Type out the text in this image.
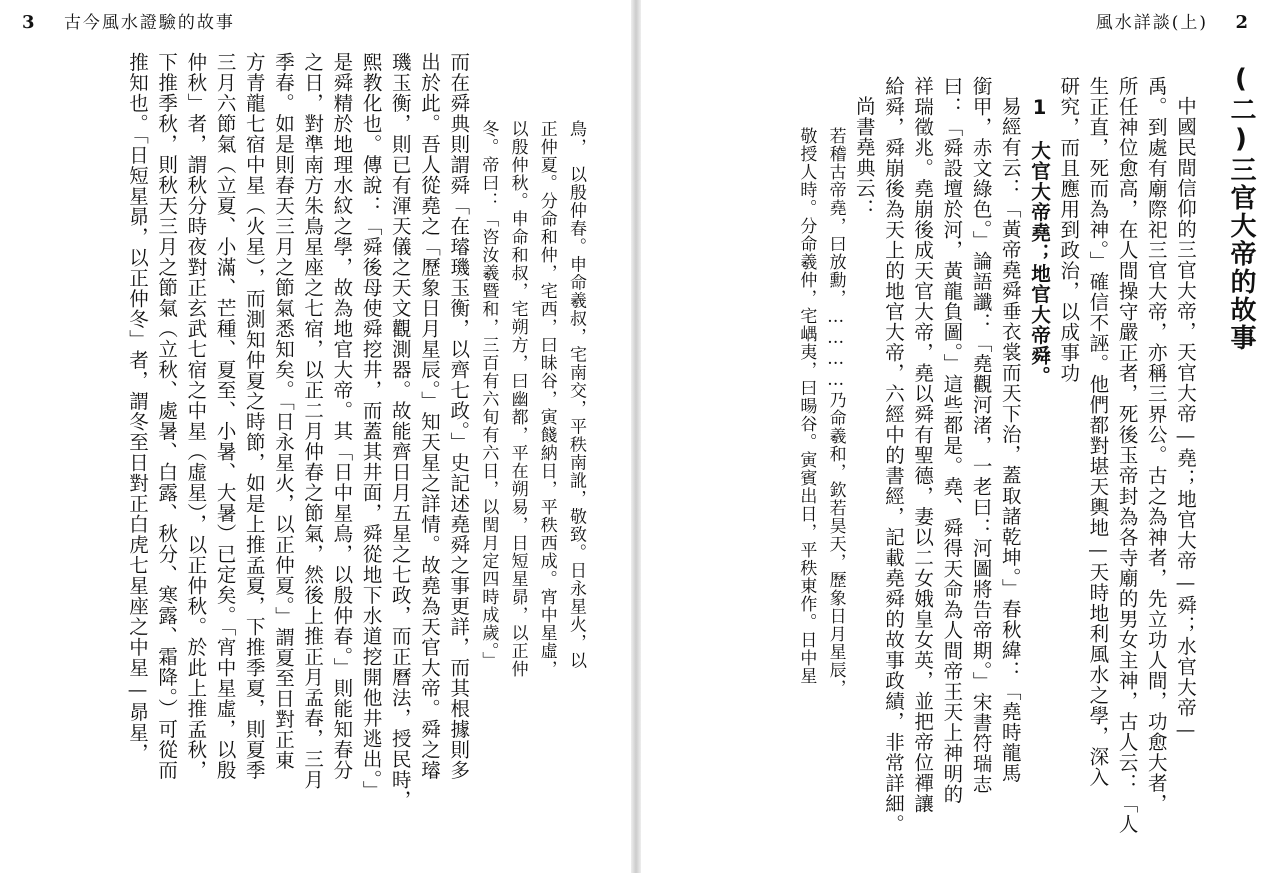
3 古今風水證驗的故事

鳥，　以殷仲春。申命羲叔，宅南交，平秩南訛，敬致。日永星火，以

正仲夏。分命和仲，宅西，曰昧谷，寅餞納日，平秩西成。宵中星虛，

以殷仲秋。申命和叔，宅朔方，曰幽都，平在朔易，日短星昴，以正仲

冬。帝曰：「咨汝羲暨和，三百有六旬有六日，以閏月定四時成歲。」

而在舜典則謂舜「在璿璣玉衡，以齊七政。」史記述堯舜之事更詳，而其根據則多

出於此。吾人從堯之「歷象日月星辰。」知天星之詳情。故堯為天官大帝。舜之璿

璣玉衡，則已有渾天儀之天文觀測器。故能齊日月五星之七政，而正曆法，授民時，

熙教化也。傳說：「舜後母使舜挖井，而蓋其井面，舜從地下水道挖開他井逃出。」

是舜精於地理水紋之學，故為地官大帝。其「日中星鳥，以殷仲春。」則能知春分

之日，對準南方朱鳥星座之七宿，以正二月仲春之節氣，然後上推正月孟春，三月

季春。如是則春天三月之節氣悉知矣。「日永星火，以正仲夏。」謂夏至日對正東

方青龍七宿中星（火星），而測知仲夏之時節，如是上推孟夏，下推季夏，則夏季

三月六節氣（立夏、小滿、芒種、夏至、小暑、大暑）已定矣。「宵中星虛，以殷

仲秋」者，謂秋分時夜對正玄武七宿之中星（虛星），以正仲秋。於此上推孟秋，

下推季秋，則秋天三月之節氣（立秋、處暑、白露、秋分、寒露、霜降。）可從而

推知也。「日短星昴，以正仲冬」者，謂冬至日對正白虎七星座之中星—昴星，

風水詳談(上) 2
(二)三官大帝的故事

中國民間信仰的三官大帝，天官大帝—堯；地官大帝—舜；水官大帝—

禹。到處有廟際祀三官大帝，亦稱三界公。古之為神者，先立功人間，功愈大者，

所任神位愈高，在人間操守嚴正者，死後玉帝封為各寺廟的男女主神，古人云：「人

生正直，死而為神。」確信不誣。他們都對堪天輿地—天時地利風水之學，深入

研究，而且應用到政治，以成事功

1　大官大帝堯；地官大帝舜。

易經有云：「黃帝堯舜垂衣裳而天下治，蓋取諸乾坤。」春秋緯：「堯時龍馬

銜甲，赤文綠色。」論語讖：「堯觀河渚，一老曰：河圖將告帝期。」宋書符瑞志

曰：「舜設壇於河，黃龍負圖。」這些都是。堯、舜得天命為人間帝王天上神明的

祥瑞徵兆。堯崩後成天官大帝，堯以舜有聖德，妻以二女娥皇女英，並把帝位禪讓

給舜，舜崩後為天上的地官大帝，六經中的書經，記載堯舜的故事政績，非常詳細。

尚書堯典云：

若稽古帝堯，曰放勳，…………乃命羲和，欽若昊天，歷象日月星辰，

敬授人時。分命羲仲，宅嵎夷，曰暘谷。寅賓出日，平秩東作。日中星
